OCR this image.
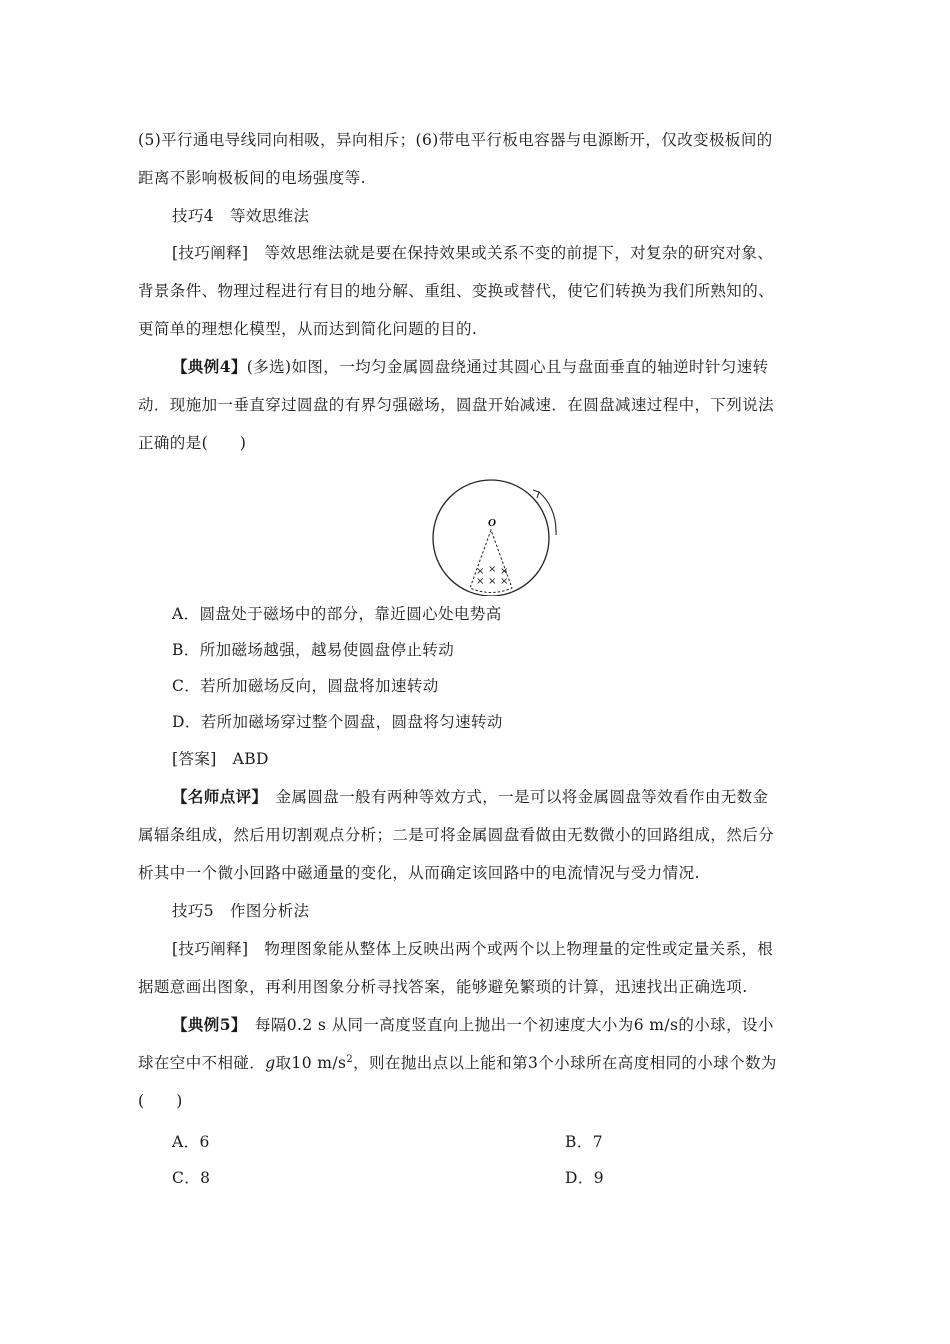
(5)平行通电导线同向相吸，异向相斥；(6)带电平行板电容器与电源断开，仅改变极板间的
距离不影响极板间的电场强度等.
技巧4　等效思维法
[技巧阐释]　等效思维法就是要在保持效果或关系不变的前提下，对复杂的研究对象、
背景条件、物理过程进行有目的地分解、重组、变换或替代，使它们转换为我们所熟知的、
更简单的理想化模型，从而达到简化问题的目的.
【典例4】(多选)如图，一均匀金属圆盘绕通过其圆心且与盘面垂直的轴逆时针匀速转
动．现施加一垂直穿过圆盘的有界匀强磁场，圆盘开始减速．在圆盘减速过程中，下列说法
正确的是(　　)
O
× × ×
× × ×
A．圆盘处于磁场中的部分，靠近圆心处电势高
B．所加磁场越强，越易使圆盘停止转动
C．若所加磁场反向，圆盘将加速转动
D．若所加磁场穿过整个圆盘，圆盘将匀速转动
[答案]　ABD
【名师点评】　金属圆盘一般有两种等效方式，一是可以将金属圆盘等效看作由无数金
属辐条组成，然后用切割观点分析；二是可将金属圆盘看做由无数微小的回路组成，然后分
析其中一个微小回路中磁通量的变化，从而确定该回路中的电流情况与受力情况.
技巧5　作图分析法
[技巧阐释]　物理图象能从整体上反映出两个或两个以上物理量的定性或定量关系，根
据题意画出图象，再利用图象分析寻找答案，能够避免繁琐的计算，迅速找出正确选项.
【典例5】　每隔0.2 s 从同一高度竖直向上抛出一个初速度大小为6 m/s的小球，设小
球在空中不相碰．g取10 $m/s^2$，则在抛出点以上能和第3个小球所在高度相同的小球个数为
(　　)
A．6	B．7
C．8	D．9
